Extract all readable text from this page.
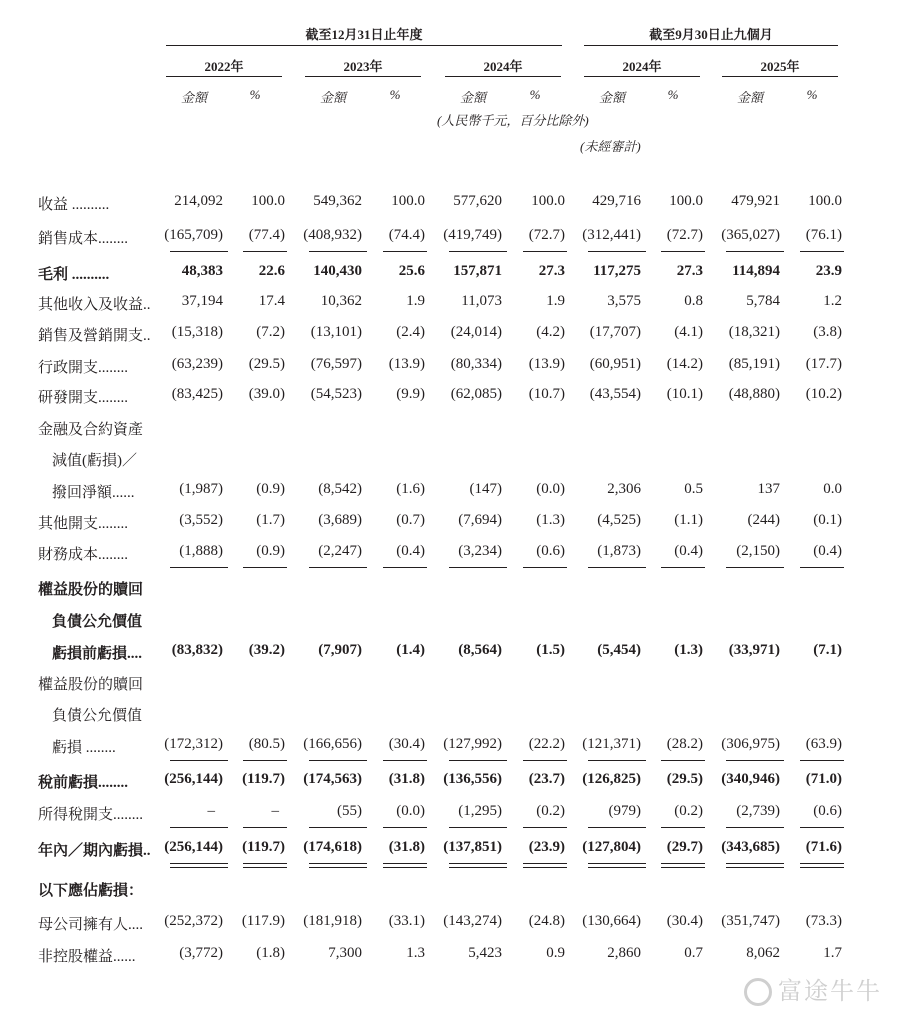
截至12月31日止年度	截至9月30日止九個月
2022年	2023年	2024年	2024年	2025年
金額	%	金額	%	金額	%	金額	%	金額	%
(人民幣千元，百分比除外)
(未經審計)
收益 ..........	214,092 100.0 549,362 100.0 577,620 100.0 429,716 100.0 479,921 100.0
銷售成本........ (165,709) (77.4) (408,932) (74.4) (419,749) (72.7) (312,441) (72.7) (365,027) (76.1)
毛利 ..........	48,383 22.6 140,430 25.6 157,871 27.3 117,275 27.3 114,894 23.9
其他收入及收益.. 37,194 17.4 10,362	1.9 11,073	1.9	3,575	0.8	5,784	1.2
銷售及營銷開支.. (15,318) (7.2) (13,101) (2.4) (24,014) (4.2) (17,707) (4.1) (18,321) (3.8)
行政開支........	(63,239) (29.5) (76,597) (13.9) (80,334) (13.9) (60,951) (14.2) (85,191) (17.7)
研發開支........	(83,425) (39.0) (54,523) (9.9) (62,085) (10.7) (43,554) (10.1) (48,880) (10.2)
金融及合約資產
減值(虧損)／
撥回淨額......	(1,987) (0.9) (8,542) (1.6)	(147) (0.0)	2,306	0.5	137	0.0
其他開支........	(3,552) (1.7) (3,689) (0.7) (7,694) (1.3) (4,525) (1.1)	(244) (0.1)
財務成本........	(1,888) (0.9) (2,247) (0.4) (3,234) (0.6) (1,873) (0.4) (2,150) (0.4)
權益股份的贖回
負債公允價值
虧損前虧損.... (83,832) (39.2) (7,907) (1.4) (8,564) (1.5) (5,454) (1.3) (33,971) (7.1)
權益股份的贖回
負債公允價值
虧損 ........	(172,312) (80.5) (166,656) (30.4) (127,992) (22.2) (121,371) (28.2) (306,975) (63.9)
稅前虧損........ (256,144) (119.7) (174,563) (31.8) (136,556) (23.7) (126,825) (29.5) (340,946) (71.0)
所得稅開支........	–	–	(55) (0.0) (1,295) (0.2)	(979) (0.2) (2,739) (0.6)
年內／期內虧損.. (256,144) (119.7) (174,618) (31.8) (137,851) (23.9) (127,804) (29.7) (343,685) (71.6)
以下應佔虧損：
母公司擁有人.... (252,372) (117.9) (181,918) (33.1) (143,274) (24.8) (130,664) (30.4) (351,747) (73.3)
非控股權益......	(3,772) (1.8)	7,300	1.3	5,423	0.9	2,860	0.7	8,062	1.7
富途牛牛
